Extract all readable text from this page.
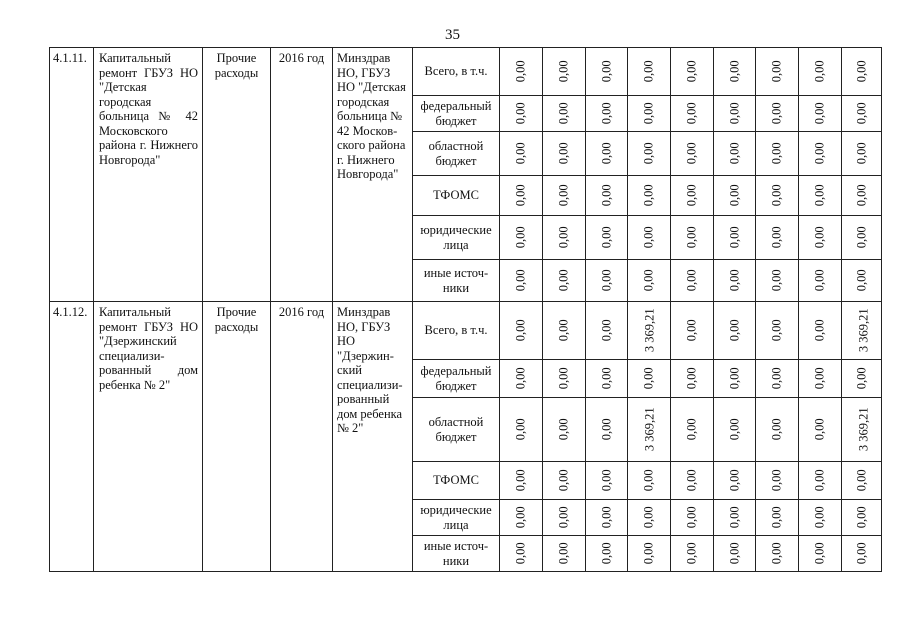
35
4.1.11.	Капитальный ремонт ГБУЗ НО "Детская городская больница № 42 Московского района г. Нижнего Новгорода"	Прочие расходы	2016 год	Минздрав НО, ГБУЗ НО "Детская городская больница № 42 Москов-ского района г. Нижнего Новгорода"	Всего, в т.ч.	0,00	0,00	0,00	0,00	0,00	0,00	0,00	0,00	0,00
					федеральный бюджет	0,00	0,00	0,00	0,00	0,00	0,00	0,00	0,00	0,00
					областной бюджет	0,00	0,00	0,00	0,00	0,00	0,00	0,00	0,00	0,00
					ТФОМС	0,00	0,00	0,00	0,00	0,00	0,00	0,00	0,00	0,00
					юридические лица	0,00	0,00	0,00	0,00	0,00	0,00	0,00	0,00	0,00
					иные источ-ники	0,00	0,00	0,00	0,00	0,00	0,00	0,00	0,00	0,00
4.1.12.	Капитальный ремонт ГБУЗ НО "Дзержинский специализи-рованный дом ребенка № 2"	Прочие расходы	2016 год	Минздрав НО, ГБУЗ НО "Дзержин-ский специализи-рованный дом ребенка № 2"	Всего, в т.ч.	0,00	0,00	0,00	3 369,21	0,00	0,00	0,00	0,00	3 369,21
					федеральный бюджет	0,00	0,00	0,00	0,00	0,00	0,00	0,00	0,00	0,00
					областной бюджет	0,00	0,00	0,00	3 369,21	0,00	0,00	0,00	0,00	3 369,21
					ТФОМС	0,00	0,00	0,00	0,00	0,00	0,00	0,00	0,00	0,00
					юридические лица	0,00	0,00	0,00	0,00	0,00	0,00	0,00	0,00	0,00
					иные источ-ники	0,00	0,00	0,00	0,00	0,00	0,00	0,00	0,00	0,00
